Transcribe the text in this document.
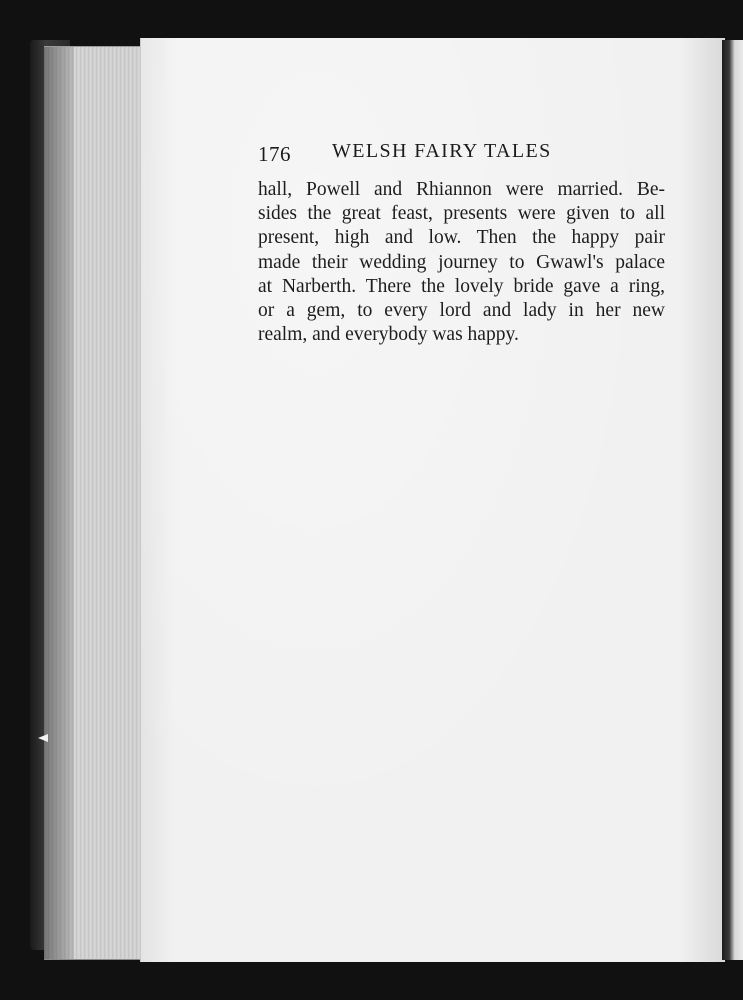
176 WELSH FAIRY TALES

hall, Powell and Rhiannon were married. Be-
sides the great feast, presents were given to all
present, high and low. Then the happy pair
made their wedding journey to Gwawl's palace
at Narberth. There the lovely bride gave a ring,
or a gem, to every lord and lady in her new
realm, and everybody was happy.
